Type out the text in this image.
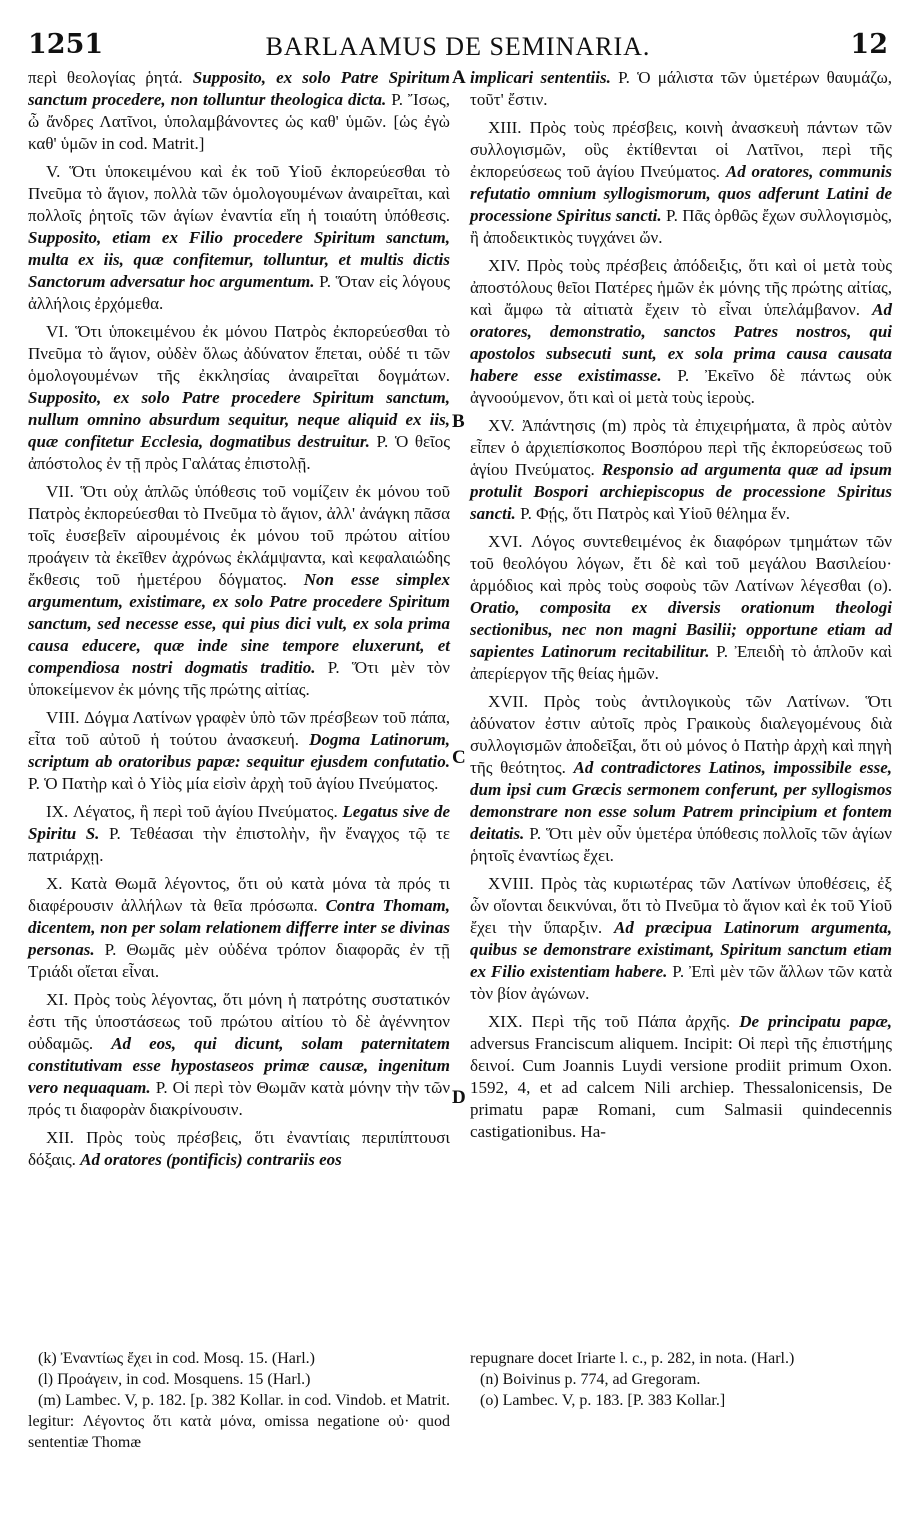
1251	BARLAAMUS DE SEMINARIA.	12

περὶ θεολογίας ῥητά. Supposito, ex solo Patre Spiritum sanctum procedere, non tolluntur theologica dicta. P. Ἴσως, ὦ ἄνδρες Λατῖνοι, ὑπολαμβάνοντες ὡς καθ' ὑμῶν. [ὡς ἐγὼ καθ' ὑμῶν in cod. Matrit.]

V. Ὅτι ὑποκειμένου καὶ ἐκ τοῦ Υἱοῦ ἐκπορεύεσθαι τὸ Πνεῦμα τὸ ἅγιον, πολλὰ τῶν ὁμολογουμένων ἀναιρεῖται, καὶ πολλοῖς ῥητοῖς τῶν ἁγίων ἐναντία εἴη ἡ τοιαύτη ὑπόθεσις. Supposito, etiam ex Filio procedere Spiritum sanctum, multa ex iis, quæ confitemur, tolluntur, et multis dictis Sanctorum adversatur hoc argumentum. P. Ὅταν εἰς λόγους ἀλλήλοις ἐρχόμεθα.

VI. Ὅτι ὑποκειμένου ἐκ μόνου Πατρὸς ἐκπορεύεσθαι τὸ Πνεῦμα τὸ ἅγιον, οὐδὲν ὅλως ἀδύνατον ἕπεται, οὐδέ τι τῶν ὁμολογουμένων τῆς ἐκκλησίας ἀναιρεῖται δογμάτων. Supposito, ex solo Patre procedere Spiritum sanctum, nullum omnino absurdum sequitur, neque aliquid ex iis, quæ confitetur Ecclesia, dogmatibus destruitur. P. Ὁ θεῖος ἀπόστολος ἐν τῇ πρὸς Γαλάτας ἐπιστολῇ.

VII. Ὅτι οὐχ ἁπλῶς ὑπόθεσις τοῦ νομίζειν ἐκ μόνου τοῦ Πατρὸς ἐκπορεύεσθαι τὸ Πνεῦμα τὸ ἅγιον, ἀλλ' ἀνάγκη πᾶσα τοῖς ἐυσεβεῖν αἱρουμένοις ἐκ μόνου τοῦ πρώτου αἰτίου προάγειν τὰ ἐκεῖθεν ἀχρόνως ἐκλάμψαντα, καὶ κεφαλαιώδης ἔκθεσις τοῦ ἡμετέρου δόγματος. Non esse simplex argumentum, existimare, ex solo Patre procedere Spiritum sanctum, sed necesse esse, qui pius dici vult, ex sola prima causa educere, quæ inde sine tempore eluxerunt, et compendiosa nostri dogmatis traditio. P. Ὅτι μὲν τὸν ὑποκείμενον ἐκ μόνης τῆς πρώτης αἰτίας.

VIII. Δόγμα Λατίνων γραφὲν ὑπὸ τῶν πρέσβεων τοῦ πάπα, εἶτα τοῦ αὐτοῦ ἡ τούτου ἀνασκευή. Dogma Latinorum, scriptum ab oratoribus papæ: sequitur ejusdem confutatio. P. Ὁ Πατὴρ καὶ ὁ Υἱὸς μία εἰσὶν ἀρχὴ τοῦ ἁγίου Πνεύματος.

IX. Λέγατος, ἢ περὶ τοῦ ἁγίου Πνεύματος. Legatus sive de Spiritu S. P. Τεθέασαι τὴν ἐπιστολὴν, ἣν ἔναγχος τῷ τε πατριάρχῃ.

X. Κατὰ Θωμᾶ λέγοντος, ὅτι οὐ κατὰ μόνα τὰ πρός τι διαφέρουσιν ἀλλήλων τὰ θεῖα πρόσωπα. Contra Thomam, dicentem, non per solam relationem differre inter se divinas personas. P. Θωμᾶς μὲν οὐδένα τρόπον διαφορᾶς ἐν τῇ Τριάδι οἴεται εἶναι.

XI. Πρὸς τοὺς λέγοντας, ὅτι μόνη ἡ πατρότης συστατικόν ἐστι τῆς ὑποστάσεως τοῦ πρώτου αἰτίου τὸ δὲ ἀγέννητον οὐδαμῶς. Ad eos, qui dicunt, solam paternitatem constitutivam esse hypostaseos primæ causæ, ingenitum vero nequaquam. P. Οἱ περὶ τὸν Θωμᾶν κατὰ μόνην τὴν τῶν πρός τι διαφορὰν διακρίνουσιν.

XII. Πρὸς τοὺς πρέσβεις, ὅτι ἐναντίαις περιπίπτουσι δόξαις. Ad oratores (pontificis) contrariis eos

A
B
C
D

implicari sententiis. P. Ὁ μάλιστα τῶν ὑμετέρων θαυμάζω, τοῦτ' ἔστιν.

XIII. Πρὸς τοὺς πρέσβεις, κοινὴ ἀνασκευὴ πάντων τῶν συλλογισμῶν, οὓς ἐκτίθενται οἱ Λατῖνοι, περὶ τῆς ἐκπορεύσεως τοῦ ἁγίου Πνεύματος. Ad oratores, communis refutatio omnium syllogismorum, quos adferunt Latini de processione Spiritus sancti. P. Πᾶς ὀρθῶς ἔχων συλλογισμὸς, ἢ ἀποδεικτικὸς τυγχάνει ὤν.

XIV. Πρὸς τοὺς πρέσβεις ἀπόδειξις, ὅτι καὶ οἱ μετὰ τοὺς ἀποστόλους θεῖοι Πατέρες ἡμῶν ἐκ μόνης τῆς πρώτης αἰτίας, καὶ ἄμφω τὰ αἰτιατὰ ἔχειν τὸ εἶναι ὑπελάμβανον. Ad oratores, demonstratio, sanctos Patres nostros, qui apostolos subsecuti sunt, ex sola prima causa causata habere esse existimasse. P. Ἐκεῖνο δὲ πάντως οὐκ ἀγνοούμενον, ὅτι καὶ οἱ μετὰ τοὺς ἱεροὺς.

XV. Ἀπάντησις (m) πρὸς τὰ ἐπιχειρήματα, ἃ πρὸς αὐτὸν εἶπεν ὁ ἀρχιεπίσκοπος Βοσπόρου περὶ τῆς ἐκπορεύσεως τοῦ ἁγίου Πνεύματος. Responsio ad argumenta quæ ad ipsum protulit Bospori archiepiscopus de processione Spiritus sancti. P. Φῄς, ὅτι Πατρὸς καὶ Υἱοῦ θέλημα ἕν.

XVI. Λόγος συντεθειμένος ἐκ διαφόρων τμημάτων τῶν τοῦ θεολόγου λόγων, ἔτι δὲ καὶ τοῦ μεγάλου Βασιλείου· ἁρμόδιος καὶ πρὸς τοὺς σοφοὺς τῶν Λατίνων λέγεσθαι (o). Oratio, composita ex diversis orationum theologi sectionibus, nec non magni Basilii; opportune etiam ad sapientes Latinorum recitabilitur. P. Ἐπειδὴ τὸ ἁπλοῦν καὶ ἀπερίεργον τῆς θείας ἡμῶν.

XVII. Πρὸς τοὺς ἀντιλογικοὺς τῶν Λατίνων. Ὅτι ἀδύνατον ἐστιν αὐτοῖς πρὸς Γραικοὺς διαλεγομένους διὰ συλλογισμῶν ἀποδεῖξαι, ὅτι οὐ μόνος ὁ Πατὴρ ἀρχὴ καὶ πηγὴ τῆς θεότητος. Ad contradictores Latinos, impossibile esse, dum ipsi cum Græcis sermonem conferunt, per syllogismos demonstrare non esse solum Patrem principium et fontem deitatis. P. Ὅτι μὲν οὖν ὑμετέρα ὑπόθεσις πολλοῖς τῶν ἁγίων ῥητοῖς ἐναντίως ἔχει.

XVIII. Πρὸς τὰς κυριωτέρας τῶν Λατίνων ὑποθέσεις, ἐξ ὧν οἴονται δεικνύναι, ὅτι τὸ Πνεῦμα τὸ ἅγιον καὶ ἐκ τοῦ Υἱοῦ ἔχει τὴν ὕπαρξιν. Ad præcipua Latinorum argumenta, quibus se demonstrare existimant, Spiritum sanctum etiam ex Filio existentiam habere. P. Ἐπὶ μὲν τῶν ἄλλων τῶν κατὰ τὸν βίον ἀγώνων.

XIX. Περὶ τῆς τοῦ Πάπα ἀρχῆς. De principatu papæ, adversus Franciscum aliquem. Incipit: Οἱ περὶ τῆς ἐπιστήμης δεινοί. Cum Joannis Luydi versione prodiit primum Oxon. 1592, 4, et ad calcem Nili archiep. Thessalonicensis, De primatu papæ Romani, cum Salmasii quindecennis castigationibus. Ha-

(k) Ἐναντίως ἔχει in cod. Mosq. 15. (Harl.)

(l) Προάγειν, in cod. Mosquens. 15 (Harl.)

(m) Lambec. V, p. 182. [p. 382 Kollar. in cod. Vindob. et Matrit. legitur: Λέγοντος ὅτι κατὰ μόνα, omissa negatione οὐ· quod sententiæ Thomæ

repugnare docet Iriarte l. c., p. 282, in nota. (Harl.)

(n) Boivinus p. 774, ad Gregoram.

(o) Lambec. V, p. 183. [P. 383 Kollar.]
